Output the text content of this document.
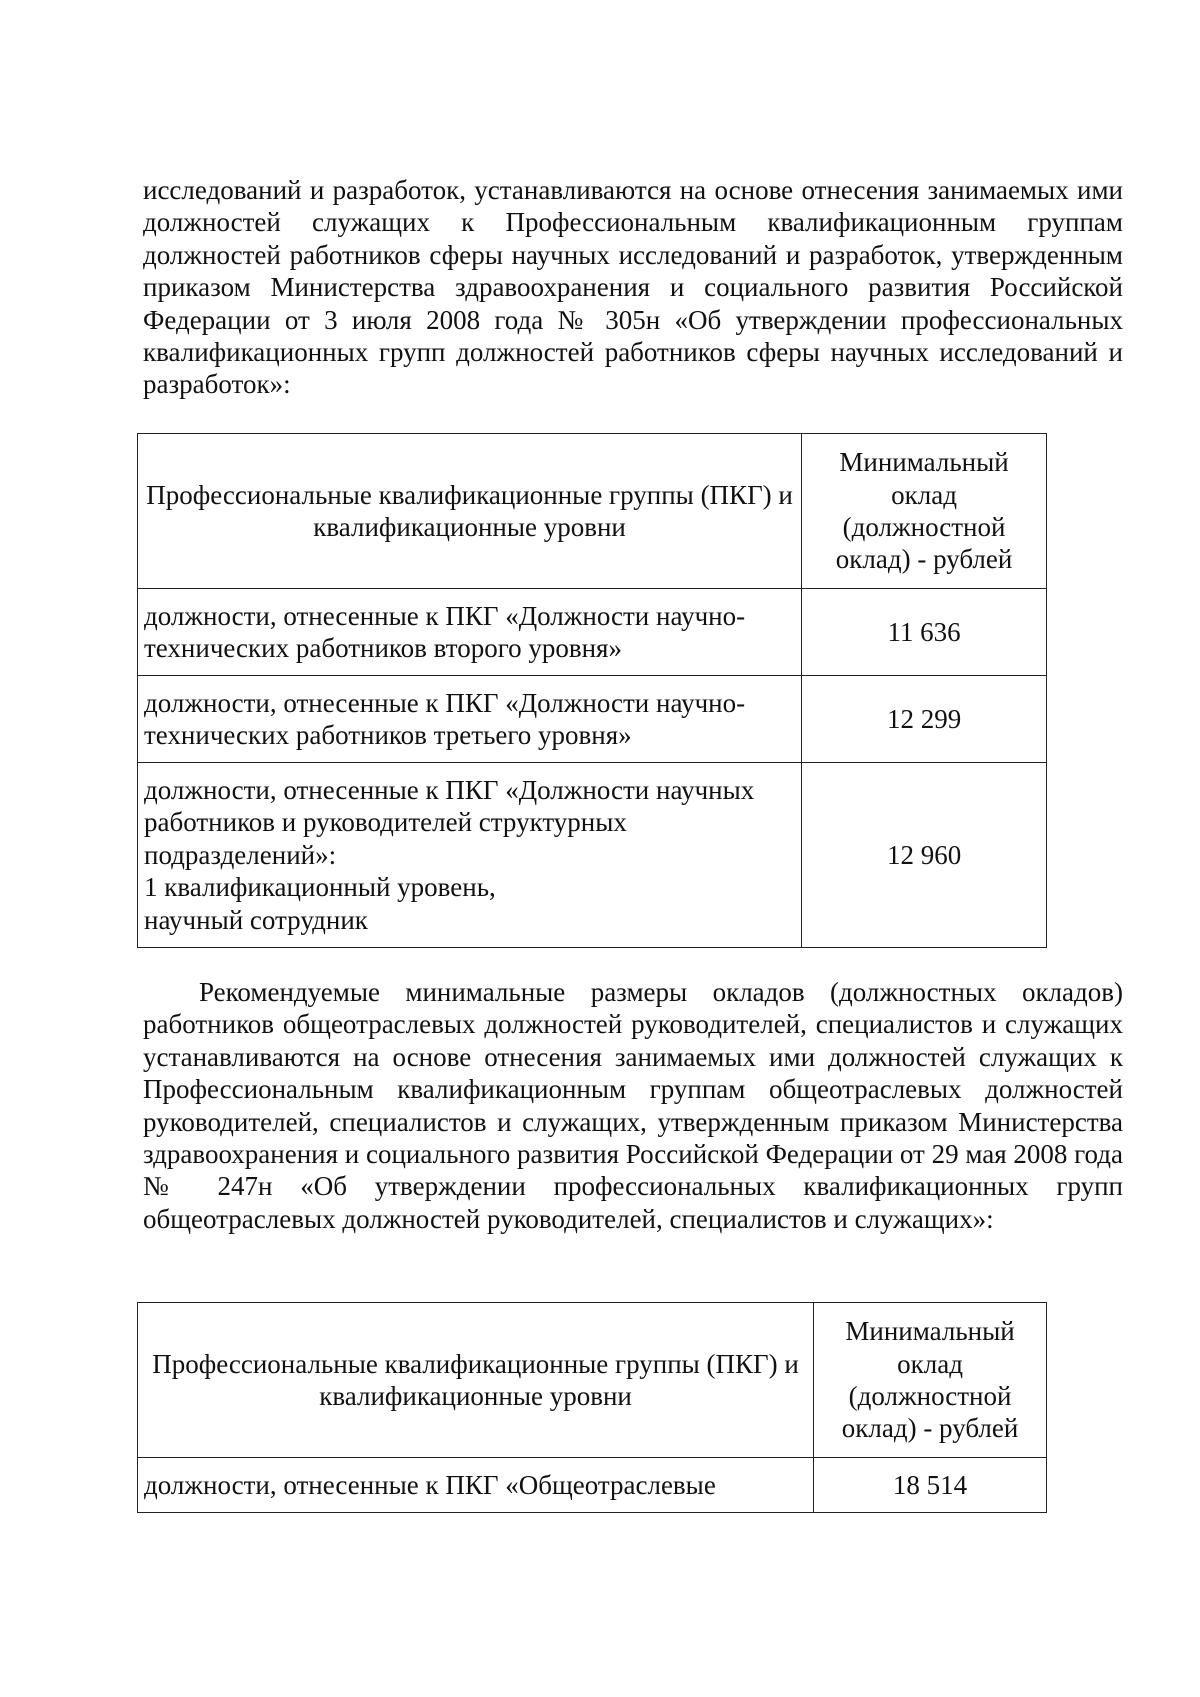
исследований и разработок, устанавливаются на основе отнесения занимаемых ими должностей служащих к Профессиональным квалификационным группам должностей работников сферы научных исследований и разработок, утвержденным приказом Министерства здравоохранения и социального развития Российской Федерации от 3 июля 2008 года № 305н «Об утверждении профессиональных квалификационных групп должностей работников сферы научных исследований и разработок»:

Профессиональные квалификационные группы (ПКГ) и квалификационные уровни	Минимальный оклад (должностной оклад) - рублей
должности, отнесенные к ПКГ «Должности научно-технических работников второго уровня»	11 636
должности, отнесенные к ПКГ «Должности научно-технических работников третьего уровня»	12 299

должности, отнесенные к ПКГ «Должности научных работников и руководителей структурных подразделений»:
1 квалификационный уровень,
научный сотрудник	12 960

Рекомендуемые минимальные размеры окладов (должностных окладов) работников общеотраслевых должностей руководителей, специалистов и служащих устанавливаются на основе отнесения занимаемых ими должностей служащих к Профессиональным квалификационным группам общеотраслевых должностей руководителей, специалистов и служащих, утвержденным приказом Министерства здравоохранения и социального развития Российской Федерации от 29 мая 2008 года № 247н «Об утверждении профессиональных квалификационных групп общеотраслевых должностей руководителей, специалистов и служащих»:

Профессиональные квалификационные группы (ПКГ) и квалификационные уровни	Минимальный оклад (должностной оклад) - рублей
должности, отнесенные к ПКГ «Общеотраслевые	18 514
